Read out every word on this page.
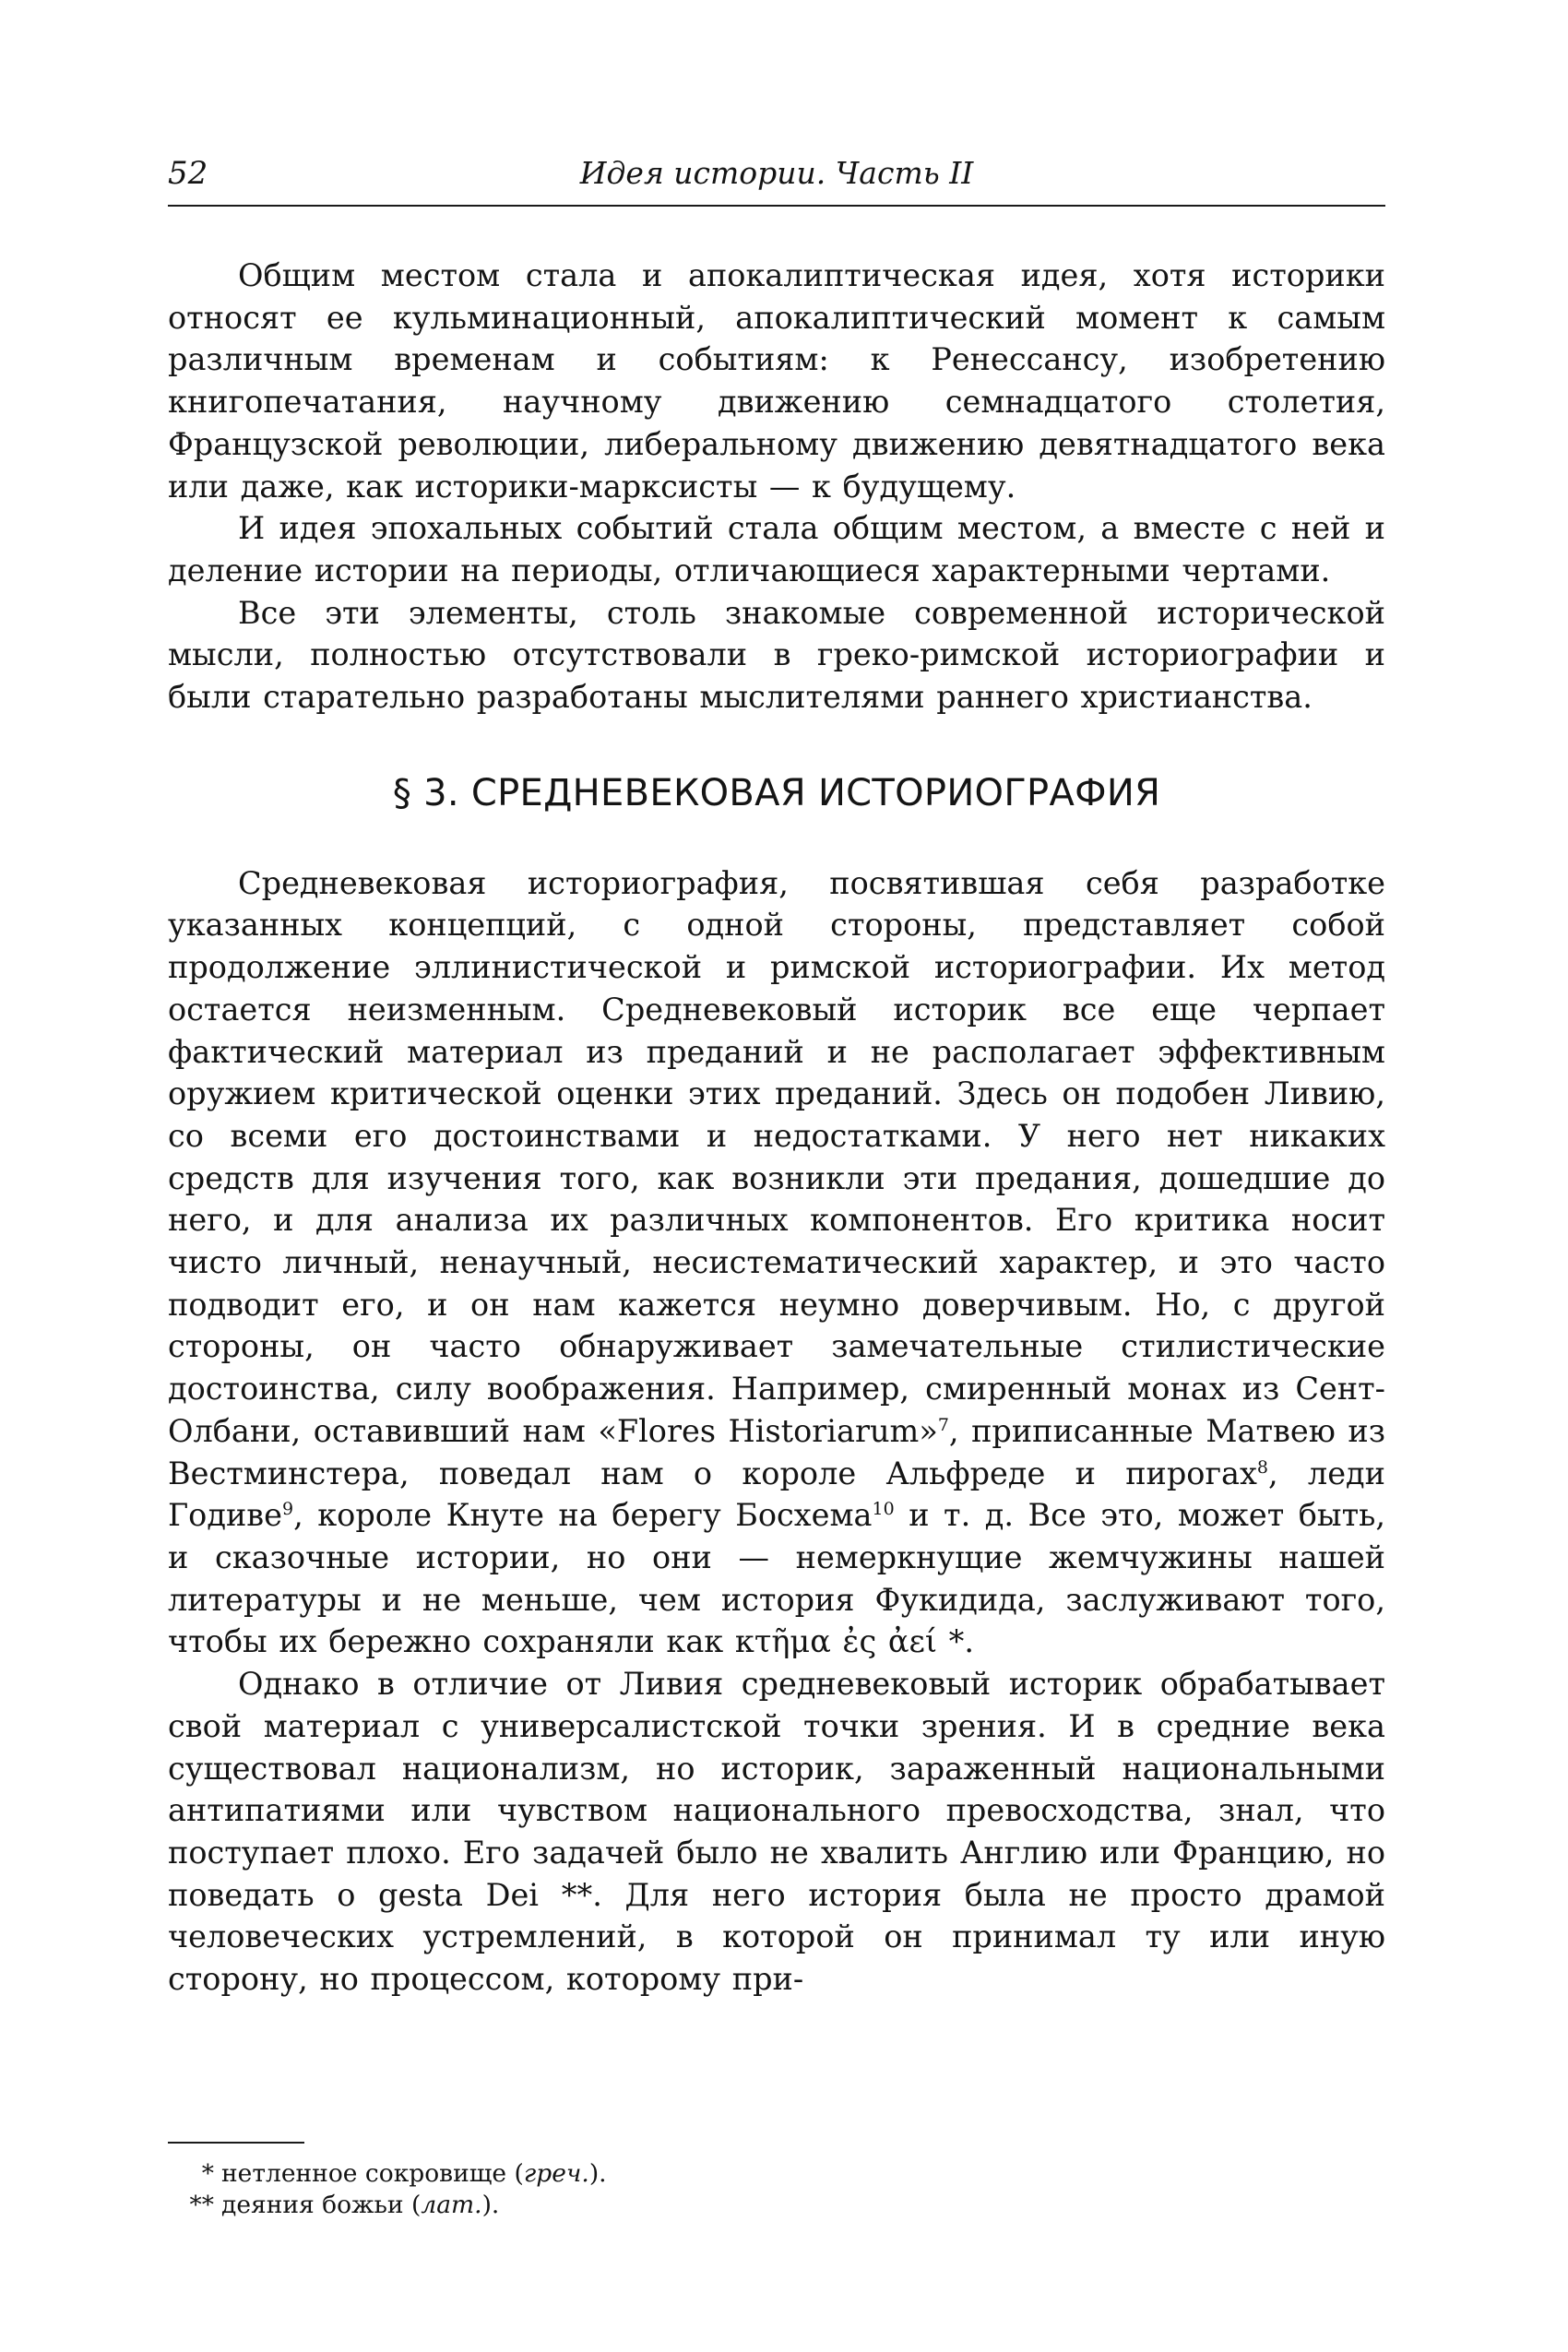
52	Идея истории. Часть II

Общим местом стала и апокалиптическая идея, хотя историки относят ее кульминационный, апокалиптический момент к самым различным временам и событиям: к Ренессансу, изобретению книгопечатания, научному движению семнадцатого столетия, Французской революции, либеральному движению девятнадцатого века или даже, как историки-марксисты — к будущему.

И идея эпохальных событий стала общим местом, а вместе с ней и деление истории на периоды, отличающиеся характерными чертами.

Все эти элементы, столь знакомые современной исторической мысли, полностью отсутствовали в греко-римской историографии и были старательно разработаны мыслителями раннего христианства.

§ 3. СРЕДНЕВЕКОВАЯ ИСТОРИОГРАФИЯ

Средневековая историография, посвятившая себя разработке указанных концепций, с одной стороны, представляет собой продолжение эллинистической и римской историографии. Их метод остается неизменным. Средневековый историк все еще черпает фактический материал из преданий и не располагает эффективным оружием критической оценки этих преданий. Здесь он подобен Ливию, со всеми его достоинствами и недостатками. У него нет никаких средств для изучения того, как возникли эти предания, дошедшие до него, и для анализа их различных компонентов. Его критика носит чисто личный, ненаучный, несистематический характер, и это часто подводит его, и он нам кажется неумно доверчивым. Но, с другой стороны, он часто обнаруживает замечательные стилистические достоинства, силу воображения. Например, смиренный монах из Сент-Олбани, оставивший нам «Flores Historiarum»$^7$, приписанные Матвею из Вестминстера, поведал нам о короле Альфреде и пирогах$^8$, леди Годиве$^9$, короле Кнуте на берегу Босхема$^{10}$ и т. д. Все это, может быть, и сказочные истории, но они — немеркнущие жемчужины нашей литературы и не меньше, чем история Фукидида, заслуживают того, чтобы их бережно сохраняли как κτῆμα ἐς ἀεί *.

Однако в отличие от Ливия средневековый историк обрабатывает свой материал с универсалистской точки зрения. И в средние века существовал национализм, но историк, зараженный национальными антипатиями или чувством национального превосходства, знал, что поступает плохо. Его задачей было не хвалить Англию или Францию, но поведать о gesta Dei **. Для него история была не просто драмой человеческих устремлений, в которой он принимал ту или иную сторону, но процессом, которому при-

* нетленное сокровище (греч.).
** деяния божьи (лат.).
